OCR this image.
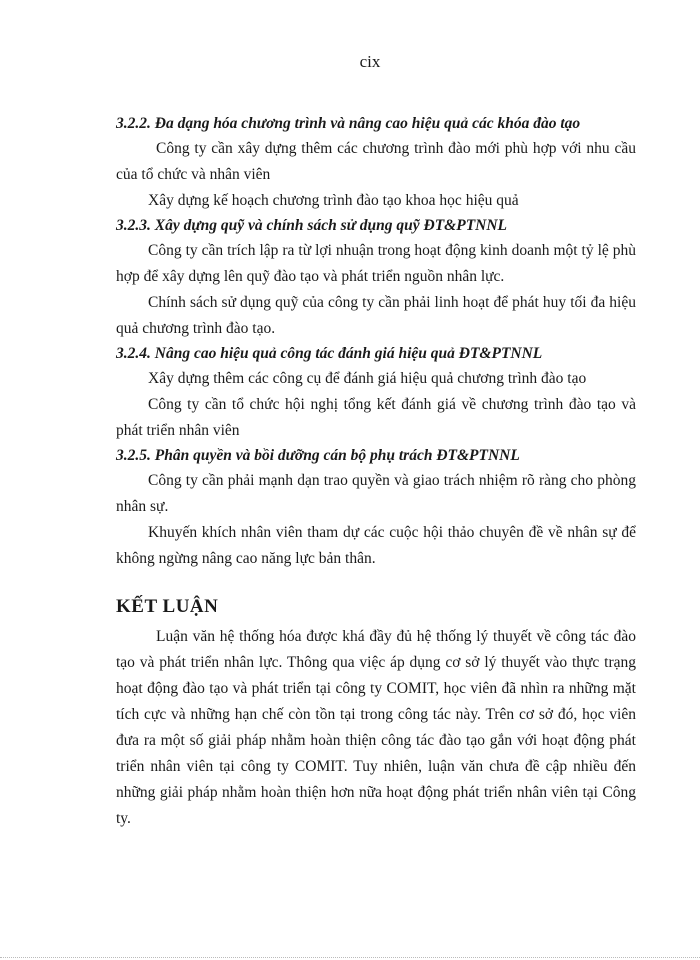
cix

3.2.2. Đa dạng hóa chương trình và nâng cao hiệu quả các khóa đào tạo

Công ty cần xây dựng thêm các chương trình đào mới phù hợp với nhu cầu của tổ chức và nhân viên

Xây dựng kế hoạch chương trình đào tạo khoa học hiệu quả

3.2.3. Xây dựng quỹ và chính sách sử dụng quỹ ĐT&PTNNL

Công ty cần trích lập ra từ lợi nhuận trong hoạt động kinh doanh một tỷ lệ phù hợp để xây dựng lên quỹ đào tạo và phát triển nguồn nhân lực.

Chính sách sử dụng quỹ của công ty cần phải linh hoạt để phát huy tối đa hiệu quả chương trình đào tạo.

3.2.4. Nâng cao hiệu quả công tác đánh giá hiệu quả ĐT&PTNNL

Xây dựng thêm các công cụ để đánh giá hiệu quả chương trình đào tạo

Công ty cần tổ chức hội nghị tổng kết đánh giá về chương trình đào tạo và phát triển nhân viên

3.2.5. Phân quyền và bồi dưỡng cán bộ phụ trách ĐT&PTNNL

Công ty cần phải mạnh dạn trao quyền và giao trách nhiệm rõ ràng cho phòng nhân sự.

Khuyến khích nhân viên tham dự các cuộc hội thảo chuyên đề về nhân sự để không ngừng nâng cao năng lực bản thân.

KẾT LUẬN

Luận văn hệ thống hóa được khá đầy đủ hệ thống lý thuyết về công tác đào tạo và phát triển nhân lực. Thông qua việc áp dụng cơ sở lý thuyết vào thực trạng hoạt động đào tạo và phát triển tại công ty COMIT, học viên đã nhìn ra những mặt tích cực và những hạn chế còn tồn tại trong công tác này. Trên cơ sở đó, học viên đưa ra một số giải pháp nhằm hoàn thiện công tác đào tạo gắn với hoạt động phát triển nhân viên tại công ty COMIT. Tuy nhiên, luận văn chưa đề cập nhiều đến những giải pháp nhằm hoàn thiện hơn nữa hoạt động phát triển nhân viên tại Công ty.
